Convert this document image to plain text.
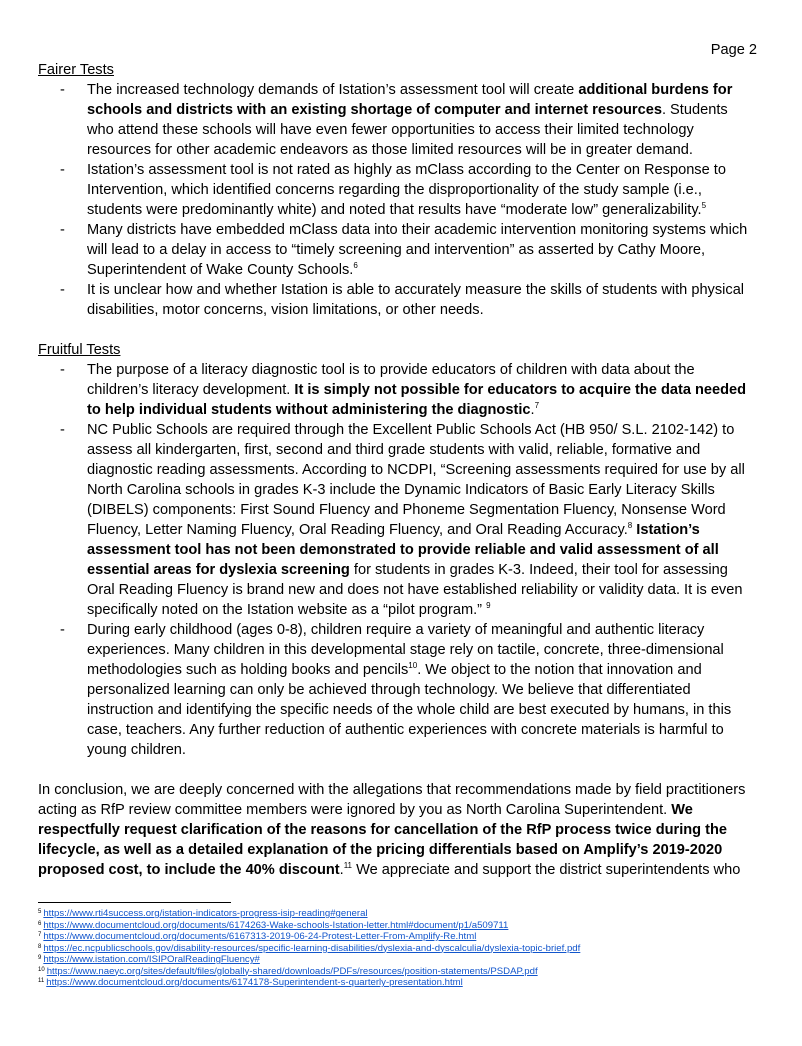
Page 2
Fairer Tests
- The increased technology demands of Istation’s assessment tool will create additional burdens for schools and districts with an existing shortage of computer and internet resources. Students who attend these schools will have even fewer opportunities to access their limited technology resources for other academic endeavors as those limited resources will be in greater demand.
- Istation’s assessment tool is not rated as highly as mClass according to the Center on Response to Intervention, which identified concerns regarding the disproportionality of the study sample (i.e., students were predominantly white) and noted that results have “moderate low” generalizability.$^5$
- Many districts have embedded mClass data into their academic intervention monitoring systems which will lead to a delay in access to “timely screening and intervention” as asserted by Cathy Moore, Superintendent of Wake County Schools.$^6$
- It is unclear how and whether Istation is able to accurately measure the skills of students with physical disabilities, motor concerns, vision limitations, or other needs.
Fruitful Tests
- The purpose of a literacy diagnostic tool is to provide educators of children with data about the children’s literacy development. It is simply not possible for educators to acquire the data needed to help individual students without administering the diagnostic.$^7$
- NC Public Schools are required through the Excellent Public Schools Act (HB 950/ S.L. 2102-142) to assess all kindergarten, first, second and third grade students with valid, reliable, formative and diagnostic reading assessments. According to NCDPI, “Screening assessments required for use by all North Carolina schools in grades K-3 include the Dynamic Indicators of Basic Early Literacy Skills (DIBELS) components: First Sound Fluency and Phoneme Segmentation Fluency, Nonsense Word Fluency, Letter Naming Fluency, Oral Reading Fluency, and Oral Reading Accuracy.$^8$ Istation’s assessment tool has not been demonstrated to provide reliable and valid assessment of all essential areas for dyslexia screening for students in grades K-3. Indeed, their tool for assessing Oral Reading Fluency is brand new and does not have established reliability or validity data. It is even specifically noted on the Istation website as a “pilot program.” $^9$
- During early childhood (ages 0-8), children require a variety of meaningful and authentic literacy experiences. Many children in this developmental stage rely on tactile, concrete, three-dimensional methodologies such as holding books and pencils$^{10}$. We object to the notion that innovation and personalized learning can only be achieved through technology. We believe that differentiated instruction and identifying the specific needs of the whole child are best executed by humans, in this case, teachers. Any further reduction of authentic experiences with concrete materials is harmful to young children.

In conclusion, we are deeply concerned with the allegations that recommendations made by field practitioners acting as RfP review committee members were ignored by you as North Carolina Superintendent. We respectfully request clarification of the reasons for cancellation of the RfP process twice during the lifecycle, as well as a detailed explanation of the pricing differentials based on Amplify’s 2019-2020 proposed cost, to include the 40% discount.$^{11}$ We appreciate and support the district superintendents who

$^5$ https://www.rti4success.org/istation-indicators-progress-isip-reading#general
$^6$ https://www.documentcloud.org/documents/6174263-Wake-schools-Istation-letter.html#document/p1/a509711
$^7$ https://www.documentcloud.org/documents/6167313-2019-06-24-Protest-Letter-From-Amplify-Re.html
$^8$ https://ec.ncpublicschools.gov/disability-resources/specific-learning-disabilities/dyslexia-and-dyscalculia/dyslexia-topic-brief.pdf
$^9$ https://www.istation.com/ISIPOralReadingFluency#
$^{10}$ https://www.naeyc.org/sites/default/files/globally-shared/downloads/PDFs/resources/position-statements/PSDAP.pdf
$^{11}$ https://www.documentcloud.org/documents/6174178-Superintendent-s-quarterly-presentation.html
